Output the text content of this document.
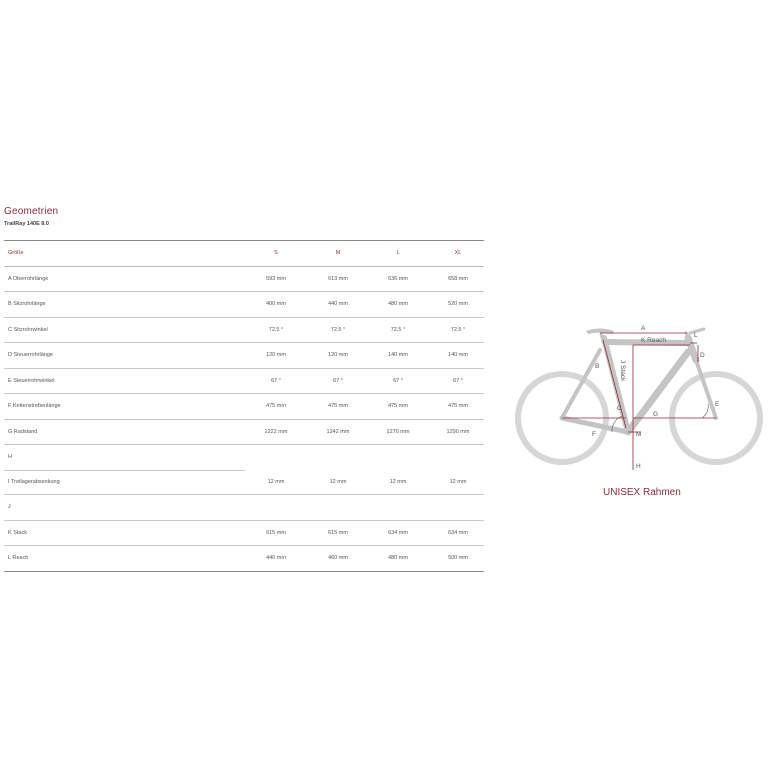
Geometrien
TrailRay 140E 8.0
Größe	S	M	L	XL
A Oberrohrlänge	593 mm	613 mm	636 mm	658 mm
B Sitzrohrlänge	400 mm	440 mm	480 mm	520 mm
C Sitzrohrwinkel	72,5 °	72,5 °	72,5 °	72,5 °
D Steuerrohrlänge	120 mm	120 mm	140 mm	140 mm
E Steuerrohrwinkel	67 °	67 °	67 °	67 °
F Kettenstrebenlänge	475 mm	475 mm	475 mm	475 mm
G Radstand	1222 mm	1242 mm	1270 mm	1290 mm
H
I Tretlagerabsenkung	12 mm	12 mm	12 mm	12 mm
J
K Stack	615 mm	615 mm	634 mm	634 mm
L Reach	440 mm	460 mm	480 mm	500 mm
A
K Reach
L
D
B	J Stack
C
E
G
F	M
H
UNISEX Rahmen
